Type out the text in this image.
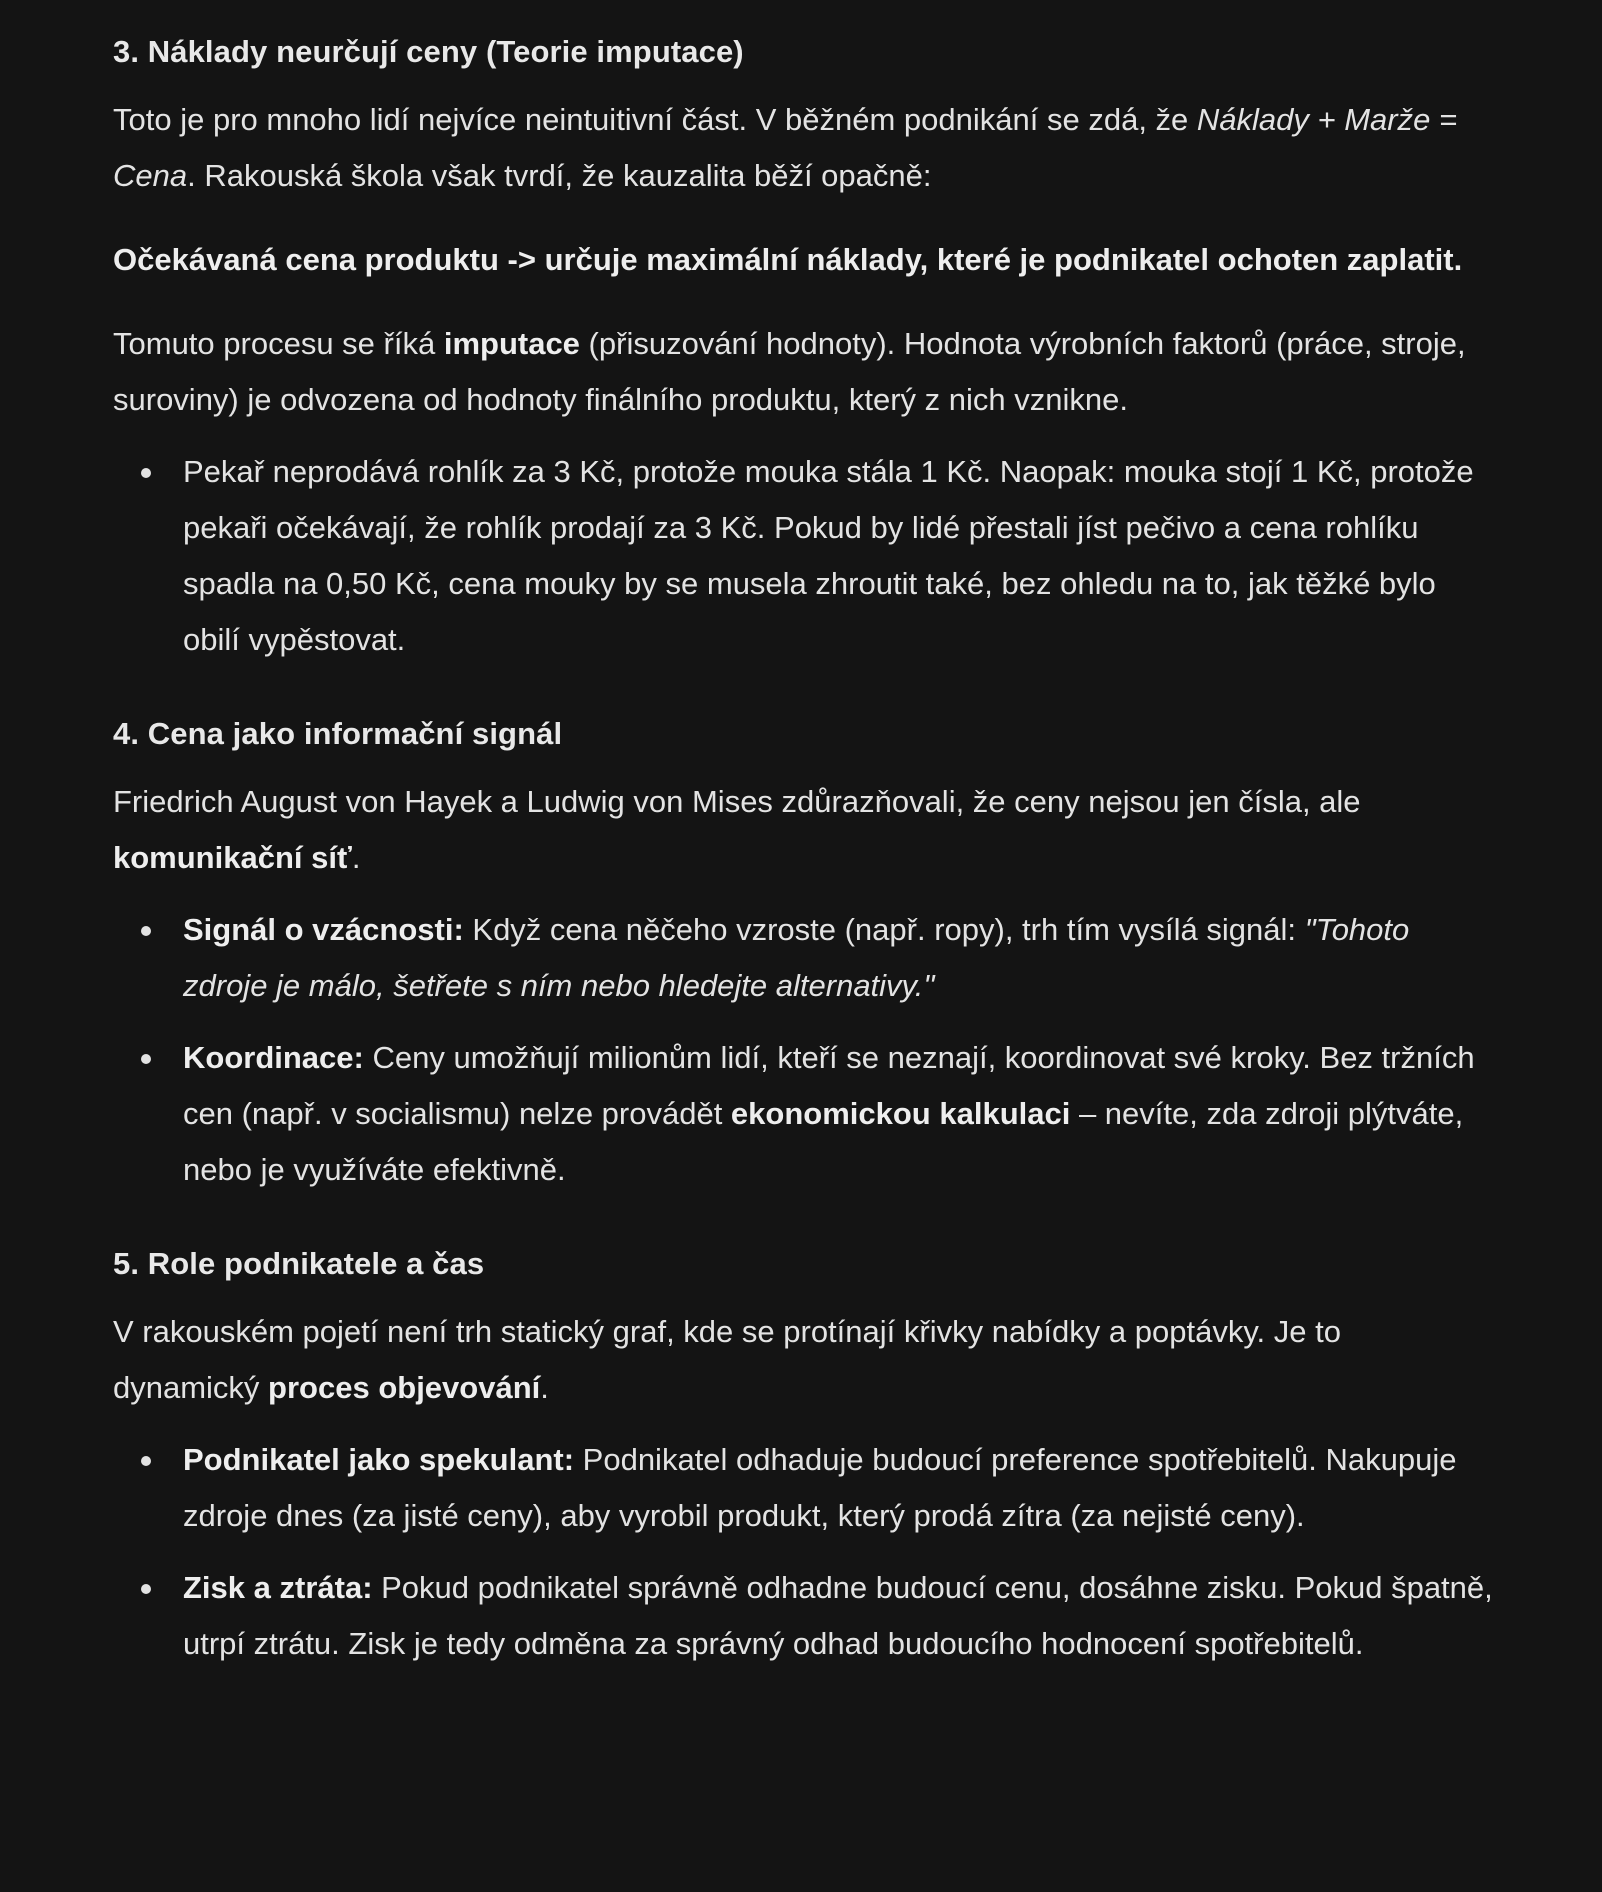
3. Náklady neurčují ceny (Teorie imputace)

Toto je pro mnoho lidí nejvíce neintuitivní část. V běžném podnikání se zdá, že Náklady + Marže = Cena. Rakouská škola však tvrdí, že kauzalita běží opačně:

Očekávaná cena produktu -> určuje maximální náklady, které je podnikatel ochoten zaplatit.

Tomuto procesu se říká imputace (přisuzování hodnoty). Hodnota výrobních faktorů (práce, stroje, suroviny) je odvozena od hodnoty finálního produktu, který z nich vznikne.

Pekař neprodává rohlík za 3 Kč, protože mouka stála 1 Kč. Naopak: mouka stojí 1 Kč, protože pekaři očekávají, že rohlík prodají za 3 Kč. Pokud by lidé přestali jíst pečivo a cena rohlíku spadla na 0,50 Kč, cena mouky by se musela zhroutit také, bez ohledu na to, jak těžké bylo obilí vypěstovat.
4. Cena jako informační signál

Friedrich August von Hayek a Ludwig von Mises zdůrazňovali, že ceny nejsou jen čísla, ale komunikační síť.

Signál o vzácnosti: Když cena něčeho vzroste (např. ropy), trh tím vysílá signál: "Tohoto zdroje je málo, šetřete s ním nebo hledejte alternativy."
Koordinace: Ceny umožňují milionům lidí, kteří se neznají, koordinovat své kroky. Bez tržních cen (např. v socialismu) nelze provádět ekonomickou kalkulaci – nevíte, zda zdroji plýtváte, nebo je využíváte efektivně.
5. Role podnikatele a čas

V rakouském pojetí není trh statický graf, kde se protínají křivky nabídky a poptávky. Je to dynamický proces objevování.

Podnikatel jako spekulant: Podnikatel odhaduje budoucí preference spotřebitelů. Nakupuje zdroje dnes (za jisté ceny), aby vyrobil produkt, který prodá zítra (za nejisté ceny).
Zisk a ztráta: Pokud podnikatel správně odhadne budoucí cenu, dosáhne zisku. Pokud špatně, utrpí ztrátu. Zisk je tedy odměna za správný odhad budoucího hodnocení spotřebitelů.
